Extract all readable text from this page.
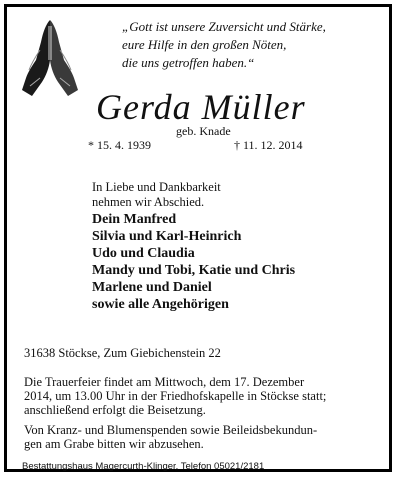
„Gott ist unsere Zuversicht und Stärke,
eure Hilfe in den großen Nöten,
die uns getroffen haben.“
Gerda Müller
geb. Knade
* 15. 4. 1939	† 11. 12. 2014
In Liebe und Dankbarkeit
nehmen wir Abschied.
Dein Manfred
Silvia und Karl-Heinrich
Udo und Claudia
Mandy und Tobi, Katie und Chris
Marlene und Daniel
sowie alle Angehörigen
31638 Stöckse, Zum Giebichenstein 22
Die Trauerfeier findet am Mittwoch, dem 17. Dezember
2014, um 13.00 Uhr in der Friedhofskapelle in Stöckse statt;
anschließend erfolgt die Beisetzung.
Von Kranz- und Blumenspenden sowie Beileidsbekundun-
gen am Grabe bitten wir abzusehen.
Bestattungshaus Magercurth-Klinger, Telefon 05021/2181
